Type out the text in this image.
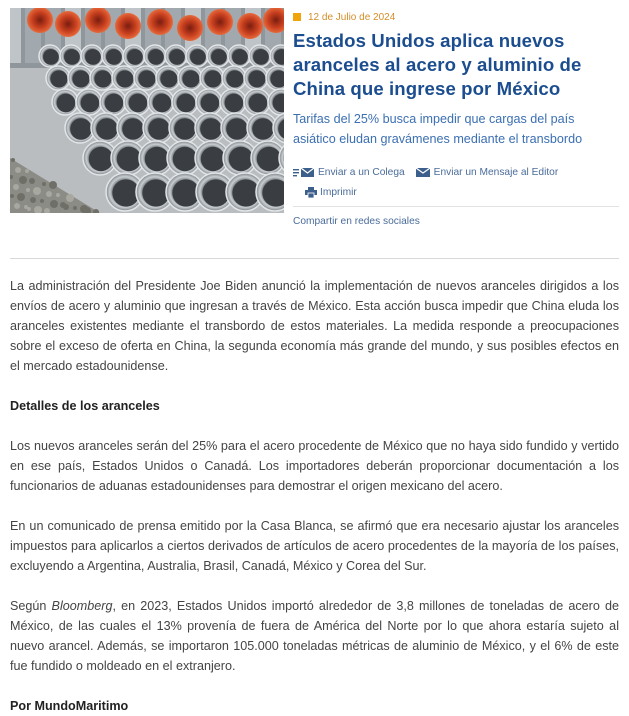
12 de Julio de 2024
Estados Unidos aplica nuevos aranceles al acero y aluminio de China que ingrese por México
Tarifas del 25% busca impedir que cargas del país asiático eludan gravámenes mediante el transbordo
Enviar a un Colega	Enviar un Mensaje al Editor
Imprimir
Compartir en redes sociales

La administración del Presidente Joe Biden anunció la implementación de nuevos aranceles dirigidos a los envíos de acero y aluminio que ingresan a través de México. Esta acción busca impedir que China eluda los aranceles existentes mediante el transbordo de estos materiales. La medida responde a preocupaciones sobre el exceso de oferta en China, la segunda economía más grande del mundo, y sus posibles efectos en el mercado estadounidense.

Detalles de los aranceles

Los nuevos aranceles serán del 25% para el acero procedente de México que no haya sido fundido y vertido en ese país, Estados Unidos o Canadá. Los importadores deberán proporcionar documentación a los funcionarios de aduanas estadounidenses para demostrar el origen mexicano del acero.

En un comunicado de prensa emitido por la Casa Blanca, se afirmó que era necesario ajustar los aranceles impuestos para aplicarlos a ciertos derivados de artículos de acero procedentes de la mayoría de los países, excluyendo a Argentina, Australia, Brasil, Canadá, México y Corea del Sur.

Según Bloomberg, en 2023, Estados Unidos importó alrededor de 3,8 millones de toneladas de acero de México, de las cuales el 13% provenía de fuera de América del Norte por lo que ahora estaría sujeto al nuevo arancel. Además, se importaron 105.000 toneladas métricas de aluminio de México, y el 6% de este fue fundido o moldeado en el extranjero.

Por MundoMaritimo
